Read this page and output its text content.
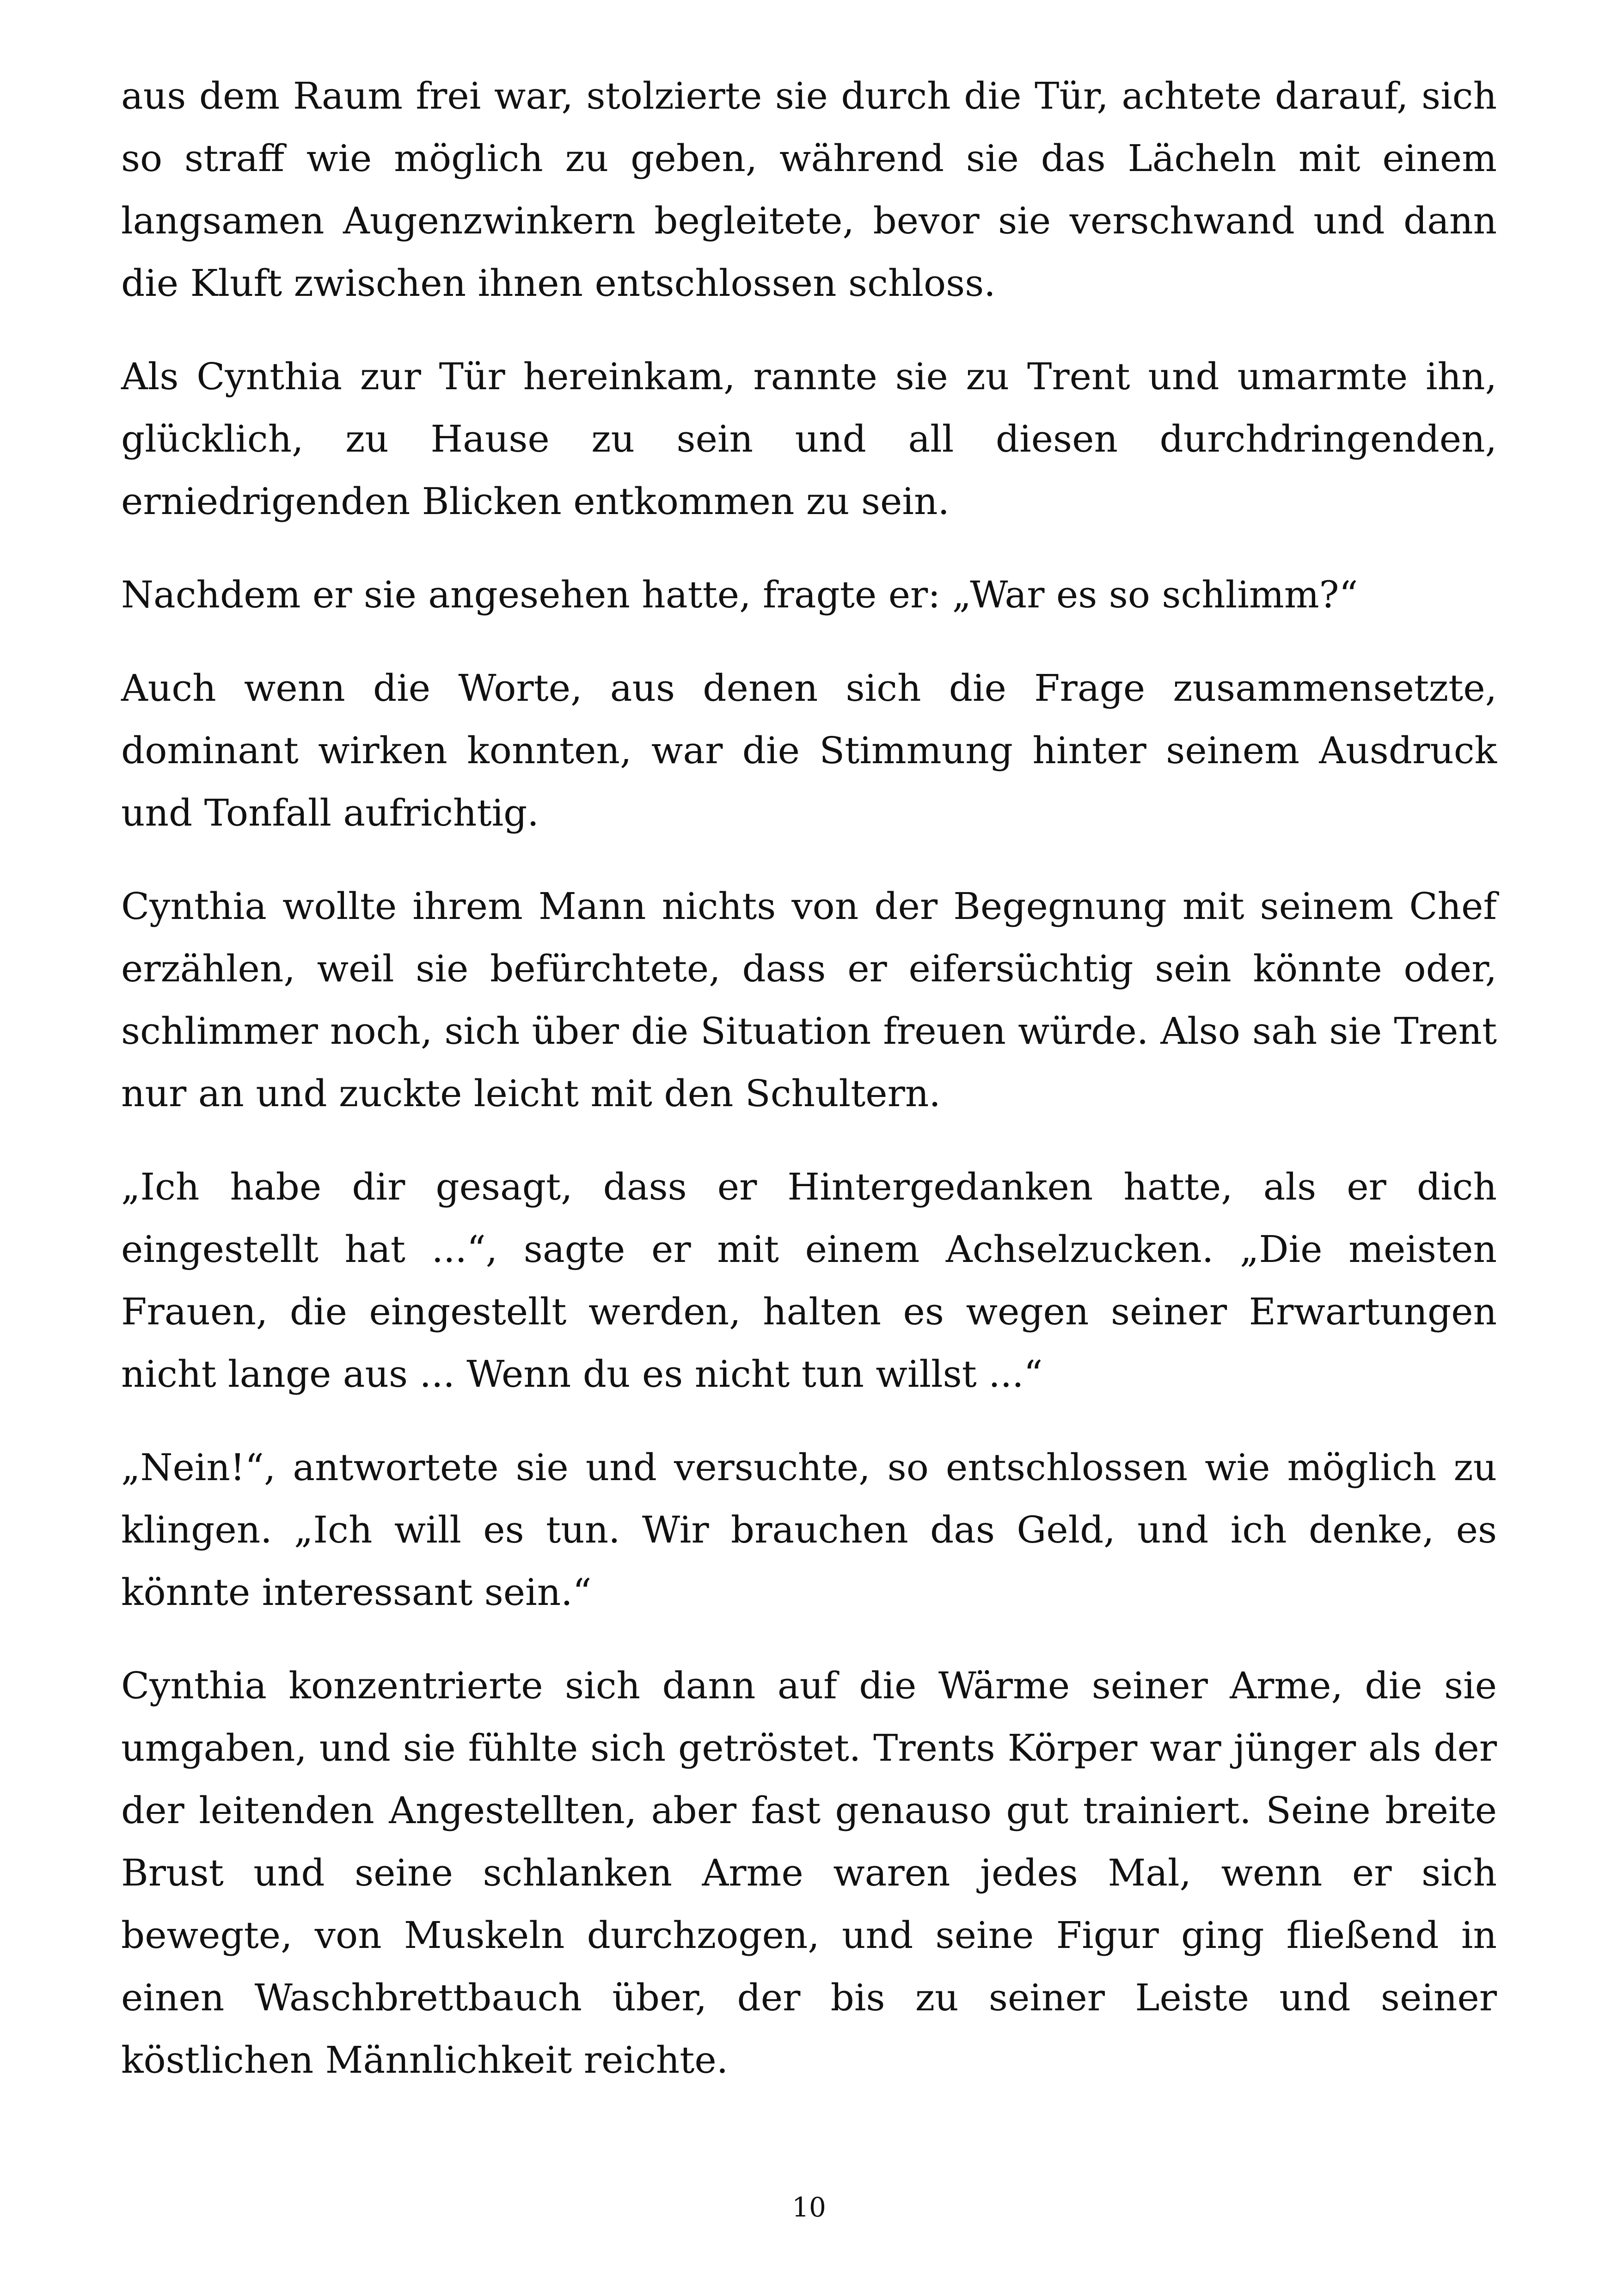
aus dem Raum frei war, stolzierte sie durch die Tür, achtete darauf, sich so straff wie möglich zu geben, während sie das Lächeln mit einem langsamen Augenzwinkern begleitete, bevor sie verschwand und dann die Kluft zwischen ihnen entschlossen schloss.

Als Cynthia zur Tür hereinkam, rannte sie zu Trent und umarmte ihn, glücklich, zu Hause zu sein und all diesen durchdringenden, erniedrigenden Blicken entkommen zu sein.

Nachdem er sie angesehen hatte, fragte er: „War es so schlimm?“

Auch wenn die Worte, aus denen sich die Frage zusammensetzte, dominant wirken konnten, war die Stimmung hinter seinem Ausdruck und Tonfall aufrichtig.

Cynthia wollte ihrem Mann nichts von der Begegnung mit seinem Chef erzählen, weil sie befürchtete, dass er eifersüchtig sein könnte oder, schlimmer noch, sich über die Situation freuen würde. Also sah sie Trent nur an und zuckte leicht mit den Schultern.

„Ich habe dir gesagt, dass er Hintergedanken hatte, als er dich eingestellt hat ...“, sagte er mit einem Achselzucken. „Die meisten Frauen, die eingestellt werden, halten es wegen seiner Erwartungen nicht lange aus ... Wenn du es nicht tun willst ...“

„Nein!“, antwortete sie und versuchte, so entschlossen wie möglich zu klingen. „Ich will es tun. Wir brauchen das Geld, und ich denke, es könnte interessant sein.“

Cynthia konzentrierte sich dann auf die Wärme seiner Arme, die sie umgaben, und sie fühlte sich getröstet. Trents Körper war jünger als der der leitenden Angestellten, aber fast genauso gut trainiert. Seine breite Brust und seine schlanken Arme waren jedes Mal, wenn er sich bewegte, von Muskeln durchzogen, und seine Figur ging fließend in einen Waschbrettbauch über, der bis zu seiner Leiste und seiner köstlichen Männlichkeit reichte.

10
